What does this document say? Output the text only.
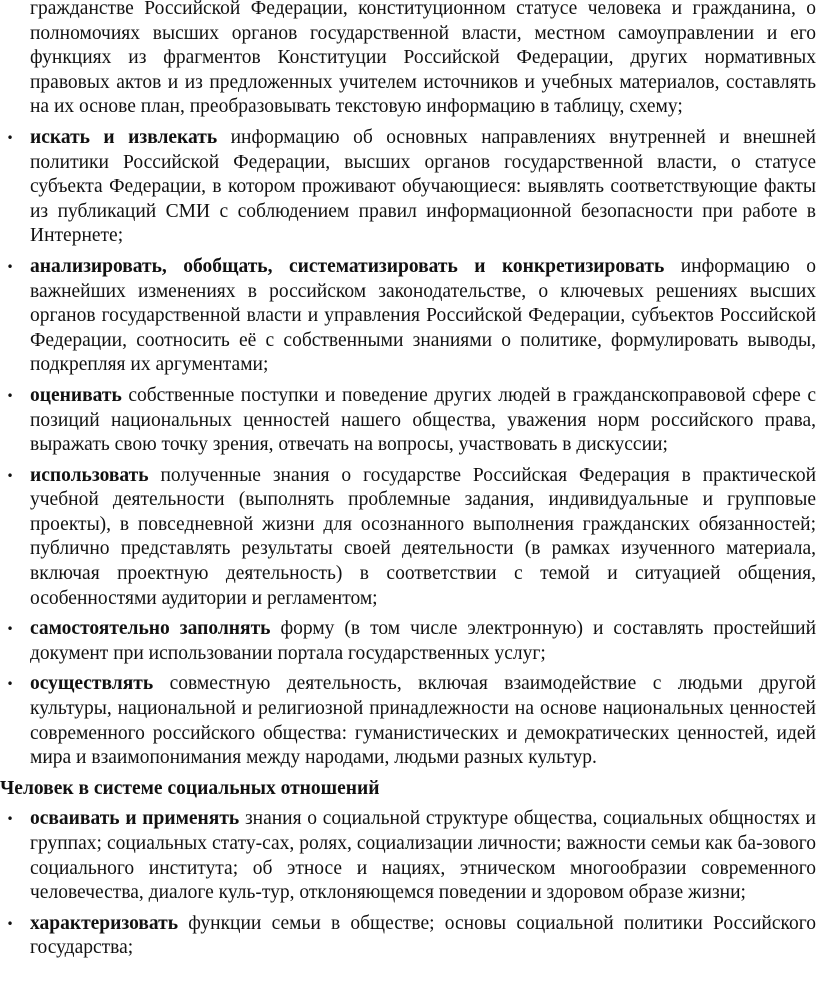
гражданстве Российской Федерации, конституционном статусе человека и гражданина, о полномочиях высших органов государственной власти, местном самоуправлении и его функциях из фрагментов Конституции Российской Федерации, других нормативных правовых актов и из предложенных учителем источников и учебных материалов, составлять на их основе план, преобразовывать текстовую информацию в таблицу, схему;

• искать и извлекать информацию об основных направлениях внутренней и внешней политики Российской Федерации, высших органов государственной власти, о статусе субъекта Федерации, в котором проживают обучающиеся: выявлять соответствующие факты из публикаций СМИ с соблюдением правил информационной безопасности при работе в Интернете;
• анализировать, обобщать, систематизировать и конкретизировать информацию о важнейших изменениях в российском законодательстве, о ключевых решениях высших органов государственной власти и управления Российской Федерации, субъектов Российской Федерации, соотносить её с собственными знаниями о политике, формулировать выводы, подкрепляя их аргументами;
• оценивать собственные поступки и поведение других людей в гражданскоправовой сфере с позиций национальных ценностей нашего общества, уважения норм российского права, выражать свою точку зрения, отвечать на вопросы, участвовать в дискуссии;
• использовать полученные знания о государстве Российская Федерация в практической учебной деятельности (выполнять проблемные задания, индивидуальные и групповые проекты), в повседневной жизни для осознанного выполнения гражданских обязанностей; публично представлять результаты своей деятельности (в рамках изученного материала, включая проектную деятельность) в соответствии с темой и ситуацией общения, особенностями аудитории и регламентом;
• самостоятельно заполнять форму (в том числе электронную) и составлять простейший документ при использовании портала государственных услуг;
• осуществлять совместную деятельность, включая взаимодействие с людьми другой культуры, национальной и религиозной принадлежности на основе национальных ценностей современного российского общества: гуманистических и демократических ценностей, идей мира и взаимопонимания между народами, людьми разных культур.
Человек в системе социальных отношений
• осваивать и применять знания о социальной структуре общества, социальных общностях и группах; социальных стату-сах, ролях, социализации личности; важности семьи как ба-зового социального института; об этносе и нациях, этническом многообразии современного человечества, диалоге куль-тур, отклоняющемся поведении и здоровом образе жизни;
• характеризовать функции семьи в обществе; основы социальной политики Российского государства;
